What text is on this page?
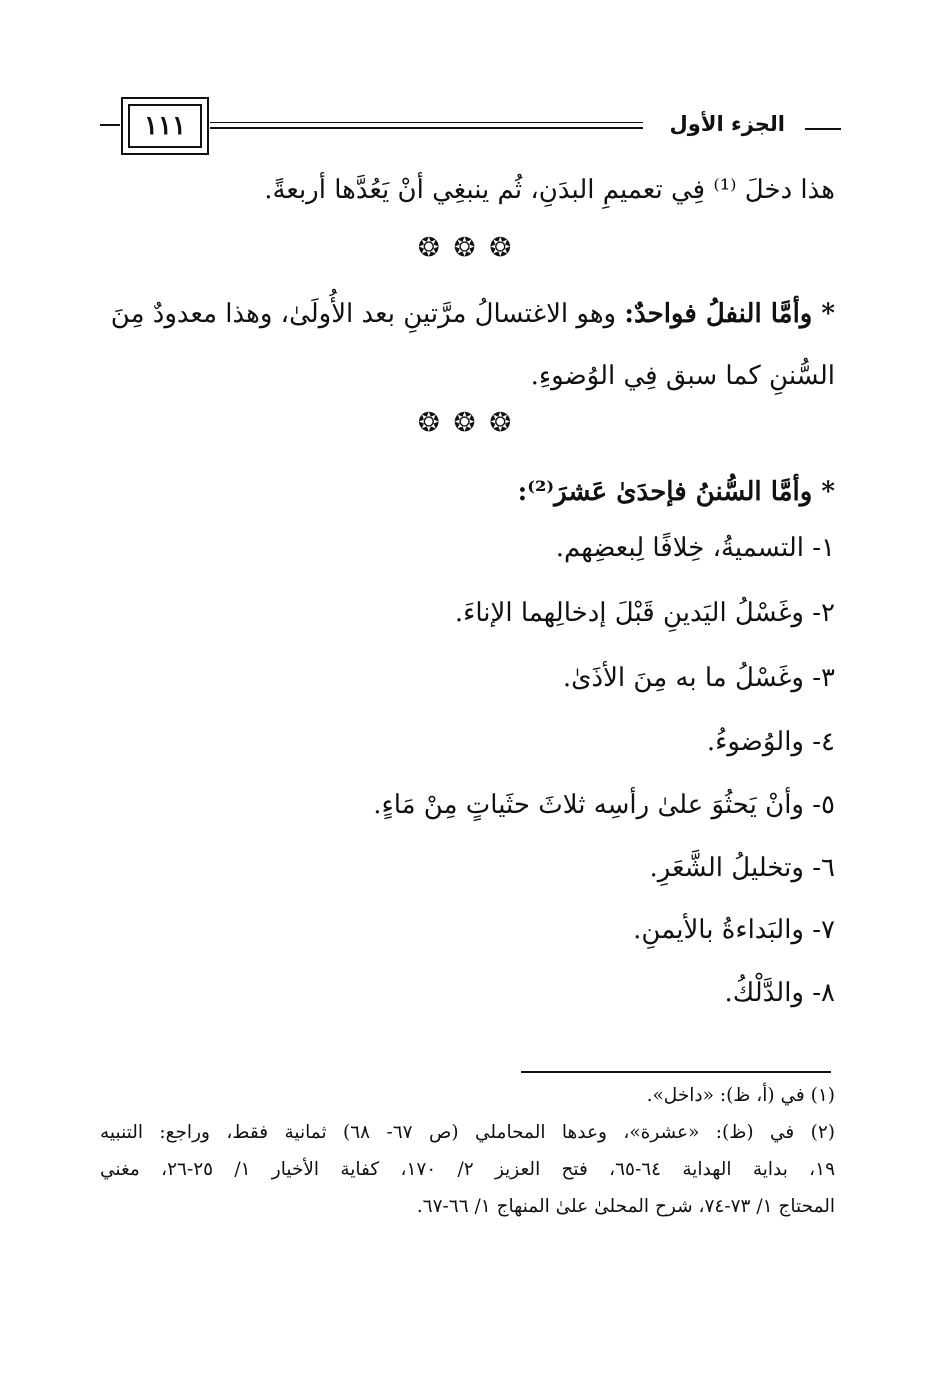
١١١	الجزء الأول

هذا دخلَ ⁽¹⁾ فِي تعميمِ البدَنِ، ثُم ينبغِي أنْ يَعُدَّها أربعةً.

❂❂❂

* وأمَّا النفلُ فواحدٌ: وهو الاغتسالُ مرَّتينِ بعد الأُولَىٰ، وهذا معدودٌ مِنَ

السُّننِ كما سبق فِي الوُضوءِ.

❂❂❂

* وأمَّا السُّننُ فإحدَىٰ عَشرَ⁽²⁾:

١- التسميةُ، خِلافًا لِبعضِهم.
٢- وغَسْلُ اليَدينِ قَبْلَ إدخالِهما الإناءَ.
٣- وغَسْلُ ما به مِنَ الأذَىٰ.
٤- والوُضوءُ.
٥- وأنْ يَحثُوَ علىٰ رأسِه ثلاثَ حثَياتٍ مِنْ مَاءٍ.
٦- وتخليلُ الشَّعَرِ.
٧- والبَداءةُ بالأيمنِ.
٨- والدَّلْكُ.
(١) في (أ، ظ): «داخل».
(٢) في (ظ): «عشرة»، وعدها المحاملي (ص ٦٧- ٦٨) ثمانية فقط، وراجع: التنبيه
١٩، بداية الهداية ٦٤-٦٥، فتح العزيز ٢/ ١٧٠، كفاية الأخيار ١/ ٢٥-٢٦، مغني
المحتاج ١/ ٧٣-٧٤، شرح المحلىٰ علىٰ المنهاج ١/ ٦٦-٦٧.
